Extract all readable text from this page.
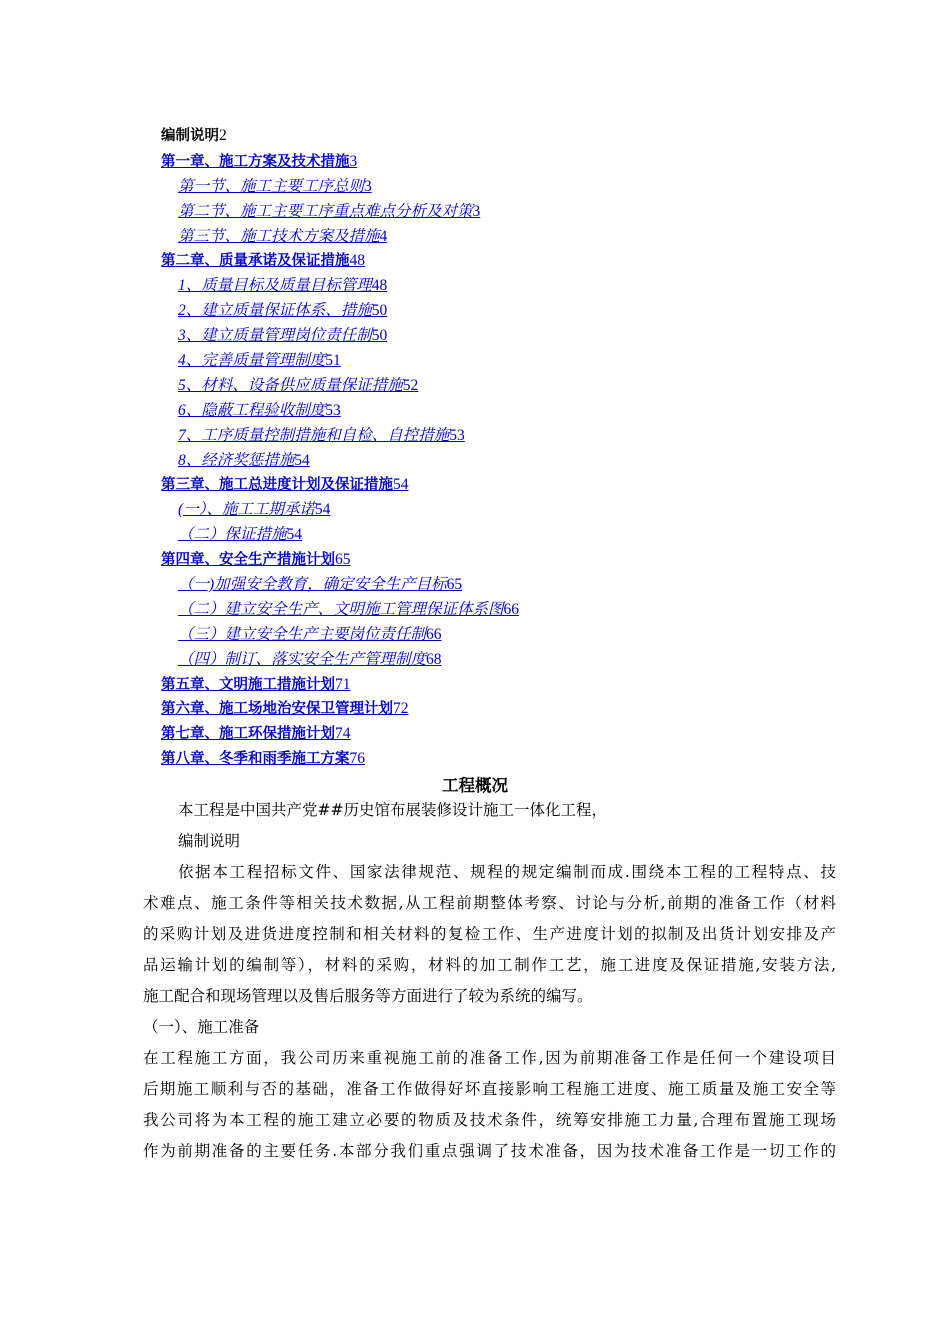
编制说明2
第一章、施工方案及技术措施3
第一节、施工主要工序总则3
第二节、施工主要工序重点难点分析及对策3
第三节、施工技术方案及措施4
第二章、质量承诺及保证措施48
1、质量目标及质量目标管理48
2、建立质量保证体系、措施50
3、建立质量管理岗位责任制50
4、完善质量管理制度51
5、材料、设备供应质量保证措施52
6、隐蔽工程验收制度53
7、工序质量控制措施和自检、自控措施53
8、经济奖惩措施54
第三章、施工总进度计划及保证措施54
(一）、施工工期承诺54
（二）保证措施54
第四章、安全生产措施计划65
（一)加强安全教育，确定安全生产目标65
（二）建立安全生产、文明施工管理保证体系图66
（三）建立安全生产主要岗位责任制66
（四）制订、落实安全生产管理制度68
第五章、文明施工措施计划71
第六章、施工场地治安保卫管理计划72
第七章、施工环保措施计划74
第八章、冬季和雨季施工方案76
工程概况
本工程是中国共产党##历史馆布展装修设计施工一体化工程，
编制说明
依据本工程招标文件、国家法律规范、规程的规定编制而成.围绕本工程的工程特点、技
术难点、施工条件等相关技术数据,从工程前期整体考察、讨论与分析,前期的准备工作（材料
的采购计划及进货进度控制和相关材料的复检工作、生产进度计划的拟制及出货计划安排及产
品运输计划的编制等），材料的采购，材料的加工制作工艺，施工进度及保证措施,安装方法,
施工配合和现场管理以及售后服务等方面进行了较为系统的编写。
（一）、施工准备
在工程施工方面，我公司历来重视施工前的准备工作,因为前期准备工作是任何一个建设项目
后期施工顺利与否的基础，准备工作做得好坏直接影响工程施工进度、施工质量及施工安全等
我公司将为本工程的施工建立必要的物质及技术条件，统筹安排施工力量,合理布置施工现场
作为前期准备的主要任务.本部分我们重点强调了技术准备，因为技术准备工作是一切工作的
